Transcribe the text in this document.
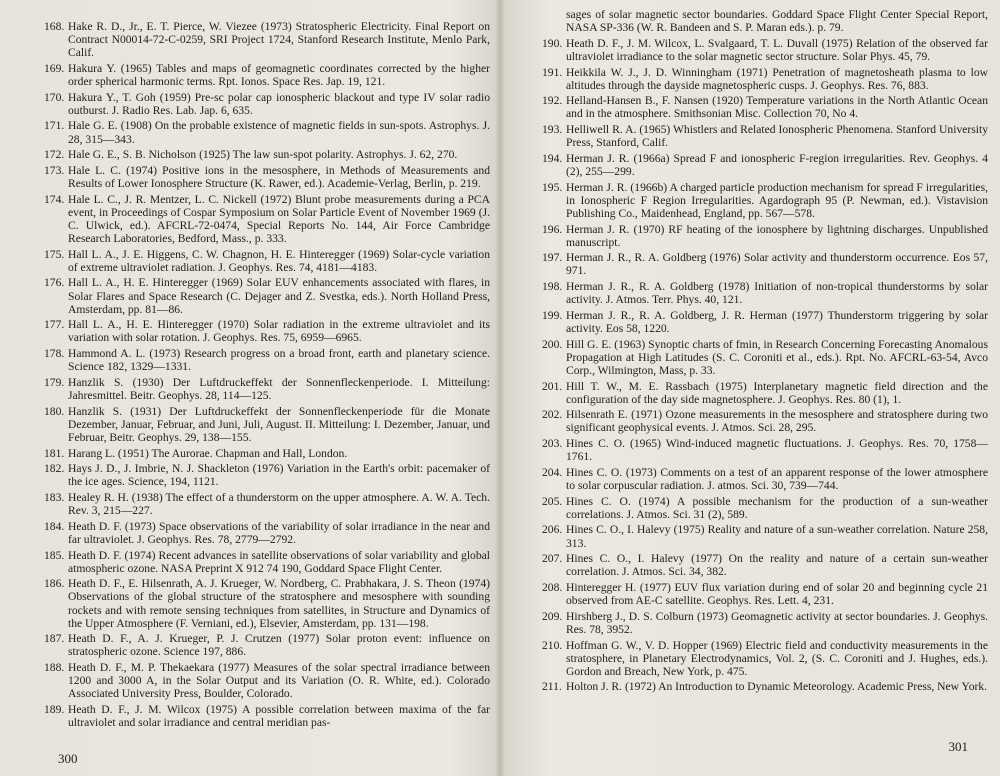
168. Hake R. D., Jr., E. T. Pierce, W. Viezee (1973) Stratospheric Electricity. Final Report on Contract N00014-72-C-0259, SRI Project 1724, Stanford Research Institute, Menlo Park, Calif.
169. Hakura Y. (1965) Tables and maps of geomagnetic coordinates corrected by the higher order spherical harmonic terms. Rpt. Ionos. Space Res. Jap. 19, 121.
170. Hakura Y., T. Goh (1959) Pre-sc polar cap ionospheric blackout and type IV solar radio outburst. J. Radio Res. Lab. Jap. 6, 635.
171. Hale G. E. (1908) On the probable existence of magnetic fields in sun-spots. Astrophys. J. 28, 315—343.
172. Hale G. E., S. B. Nicholson (1925) The law sun-spot polarity. Astrophys. J. 62, 270.
173. Hale L. C. (1974) Positive ions in the mesosphere, in Methods of Measurements and Results of Lower Ionosphere Structure (K. Rawer, ed.). Academie-Verlag, Berlin, p. 219.
174. Hale L. C., J. R. Mentzer, L. C. Nickell (1972) Blunt probe measurements during a PCA event, in Proceedings of Cospar Symposium on Solar Particle Event of November 1969 (J. C. Ulwick, ed.). AFCRL-72-0474, Special Reports No. 144, Air Force Cambridge Research Laboratories, Bedford, Mass., p. 333.
175. Hall L. A., J. E. Higgens, C. W. Chagnon, H. E. Hinteregger (1969) Solar-cycle variation of extreme ultraviolet radiation. J. Geophys. Res. 74, 4181—4183.
176. Hall L. A., H. E. Hinteregger (1969) Solar EUV enhancements associated with flares, in Solar Flares and Space Research (C. Dejager and Z. Svestka, eds.). North Holland Press, Amsterdam, pp. 81—86.
177. Hall L. A., H. E. Hinteregger (1970) Solar radiation in the extreme ultraviolet and its variation with solar rotation. J. Geophys. Res. 75, 6959—6965.
178. Hammond A. L. (1973) Research progress on a broad front, earth and planetary science. Science 182, 1329—1331.
179. Hanzlik S. (1930) Der Luftdruckeffekt der Sonnenfleckenperiode. I. Mitteilung: Jahresmittel. Beitr. Geophys. 28, 114—125.
180. Hanzlik S. (1931) Der Luftdruckeffekt der Sonnenfleckenperiode für die Monate Dezember, Januar, Februar, and Juni, Juli, August. II. Mitteilung: I. Dezember, Januar, und Februar, Beitr. Geophys. 29, 138—155.
181. Harang L. (1951) The Aurorae. Chapman and Hall, London.
182. Hays J. D., J. Imbrie, N. J. Shackleton (1976) Variation in the Earth's orbit: pacemaker of the ice ages. Science, 194, 1121.
183. Healey R. H. (1938) The effect of a thunderstorm on the upper atmosphere. A. W. A. Tech. Rev. 3, 215—227.
184. Heath D. F. (1973) Space observations of the variability of solar irradiance in the near and far ultraviolet. J. Geophys. Res. 78, 2779—2792.
185. Heath D. F. (1974) Recent advances in satellite observations of solar variability and global atmospheric ozone. NASA Preprint X 912 74 190, Goddard Space Flight Center.
186. Heath D. F., E. Hilsenrath, A. J. Krueger, W. Nordberg, C. Prabhakara, J. S. Theon (1974) Observations of the global structure of the stratosphere and mesosphere with sounding rockets and with remote sensing techniques from satellites, in Structure and Dynamics of the Upper Atmosphere (F. Verniani, ed.), Elsevier, Amsterdam, pp. 131—198.
187. Heath D. F., A. J. Krueger, P. J. Crutzen (1977) Solar proton event: influence on stratospheric ozone. Science 197, 886.
188. Heath D. F., M. P. Thekaekara (1977) Measures of the solar spectral irradiance between 1200 and 3000 A, in the Solar Output and its Variation (O. R. White, ed.). Colorado Associated University Press, Boulder, Colorado.
189. Heath D. F., J. M. Wilcox (1975) A possible correlation between maxima of the far ultraviolet and solar irradiance and central meridian pas-
300
sages of solar magnetic sector boundaries. Goddard Space Flight Center Special Report, NASA SP-336 (W. R. Bandeen and S. P. Maran eds.). p. 79.
190. Heath D. F., J. M. Wilcox, L. Svalgaard, T. L. Duvall (1975) Relation of the observed far ultraviolet irradiance to the solar magnetic sector structure. Solar Phys. 45, 79.
191. Heikkila W. J., J. D. Winningham (1971) Penetration of magnetosheath plasma to low altitudes through the dayside magnetospheric cusps. J. Geophys. Res. 76, 883.
192. Helland-Hansen B., F. Nansen (1920) Temperature variations in the North Atlantic Ocean and in the atmosphere. Smithsonian Misc. Collection 70, No 4.
193. Helliwell R. A. (1965) Whistlers and Related Ionospheric Phenomena. Stanford University Press, Stanford, Calif.
194. Herman J. R. (1966a) Spread F and ionospheric F-region irregularities. Rev. Geophys. 4 (2), 255—299.
195. Herman J. R. (1966b) A charged particle production mechanism for spread F irregularities, in Ionospheric F Region Irregularities. Agardograph 95 (P. Newman, ed.). Vistavision Publishing Co., Maidenhead, England, pp. 567—578.
196. Herman J. R. (1970) RF heating of the ionosphere by lightning discharges. Unpublished manuscript.
197. Herman J. R., R. A. Goldberg (1976) Solar activity and thunderstorm occurrence. Eos 57, 971.
198. Herman J. R., R. A. Goldberg (1978) Initiation of non-tropical thunderstorms by solar activity. J. Atmos. Terr. Phys. 40, 121.
199. Herman J. R., R. A. Goldberg, J. R. Herman (1977) Thunderstorm triggering by solar activity. Eos 58, 1220.
200. Hill G. E. (1963) Synoptic charts of fmin, in Research Concerning Forecasting Anomalous Propagation at High Latitudes (S. C. Coroniti et al., eds.). Rpt. No. AFCRL-63-54, Avco Corp., Wilmington, Mass, p. 33.
201. Hill T. W., M. E. Rassbach (1975) Interplanetary magnetic field direction and the configuration of the day side magnetosphere. J. Geophys. Res. 80 (1), 1.
202. Hilsenrath E. (1971) Ozone measurements in the mesosphere and stratosphere during two significant geophysical events. J. Atmos. Sci. 28, 295.
203. Hines C. O. (1965) Wind-induced magnetic fluctuations. J. Geophys. Res. 70, 1758—1761.
204. Hines C. O. (1973) Comments on a test of an apparent response of the lower atmosphere to solar corpuscular radiation. J. atmos. Sci. 30, 739—744.
205. Hines C. O. (1974) A possible mechanism for the production of a sun-weather correlations. J. Atmos. Sci. 31 (2), 589.
206. Hines C. O., I. Halevy (1975) Reality and nature of a sun-weather correlation. Nature 258, 313.
207. Hines C. O., I. Halevy (1977) On the reality and nature of a certain sun-weather correlation. J. Atmos. Sci. 34, 382.
208. Hinteregger H. (1977) EUV flux variation during end of solar 20 and beginning cycle 21 observed from AE-C satellite. Geophys. Res. Lett. 4, 231.
209. Hirshberg J., D. S. Colburn (1973) Geomagnetic activity at sector boundaries. J. Geophys. Res. 78, 3952.
210. Hoffman G. W., V. D. Hopper (1969) Electric field and conductivity measurements in the stratosphere, in Planetary Electrodynamics, Vol. 2, (S. C. Coroniti and J. Hughes, eds.). Gordon and Breach, New York, p. 475.
211. Holton J. R. (1972) An Introduction to Dynamic Meteorology. Academic Press, New York.
301
